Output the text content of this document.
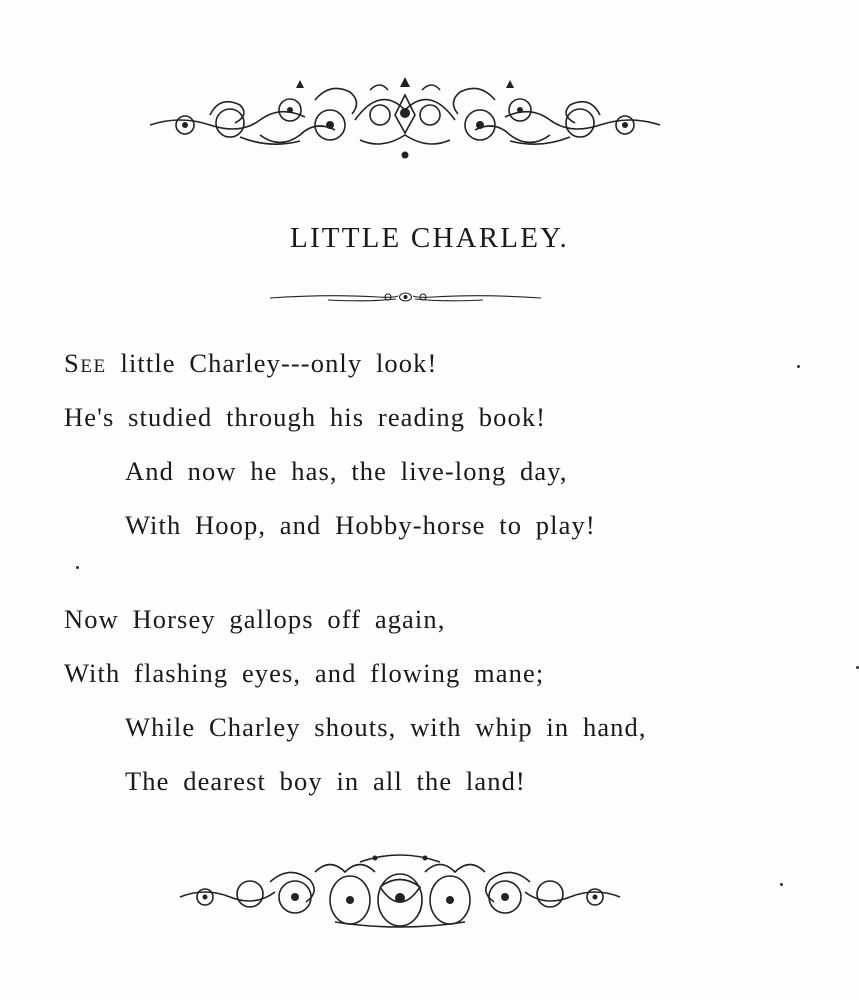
LITTLE CHARLEY.
See little Charley---only look!
He's studied through his reading book!
And now he has, the live-long day,
With Hoop, and Hobby-horse to play!
Now Horsey gallops off again,
With flashing eyes, and flowing mane;
While Charley shouts, with whip in hand,
The dearest boy in all the land!
